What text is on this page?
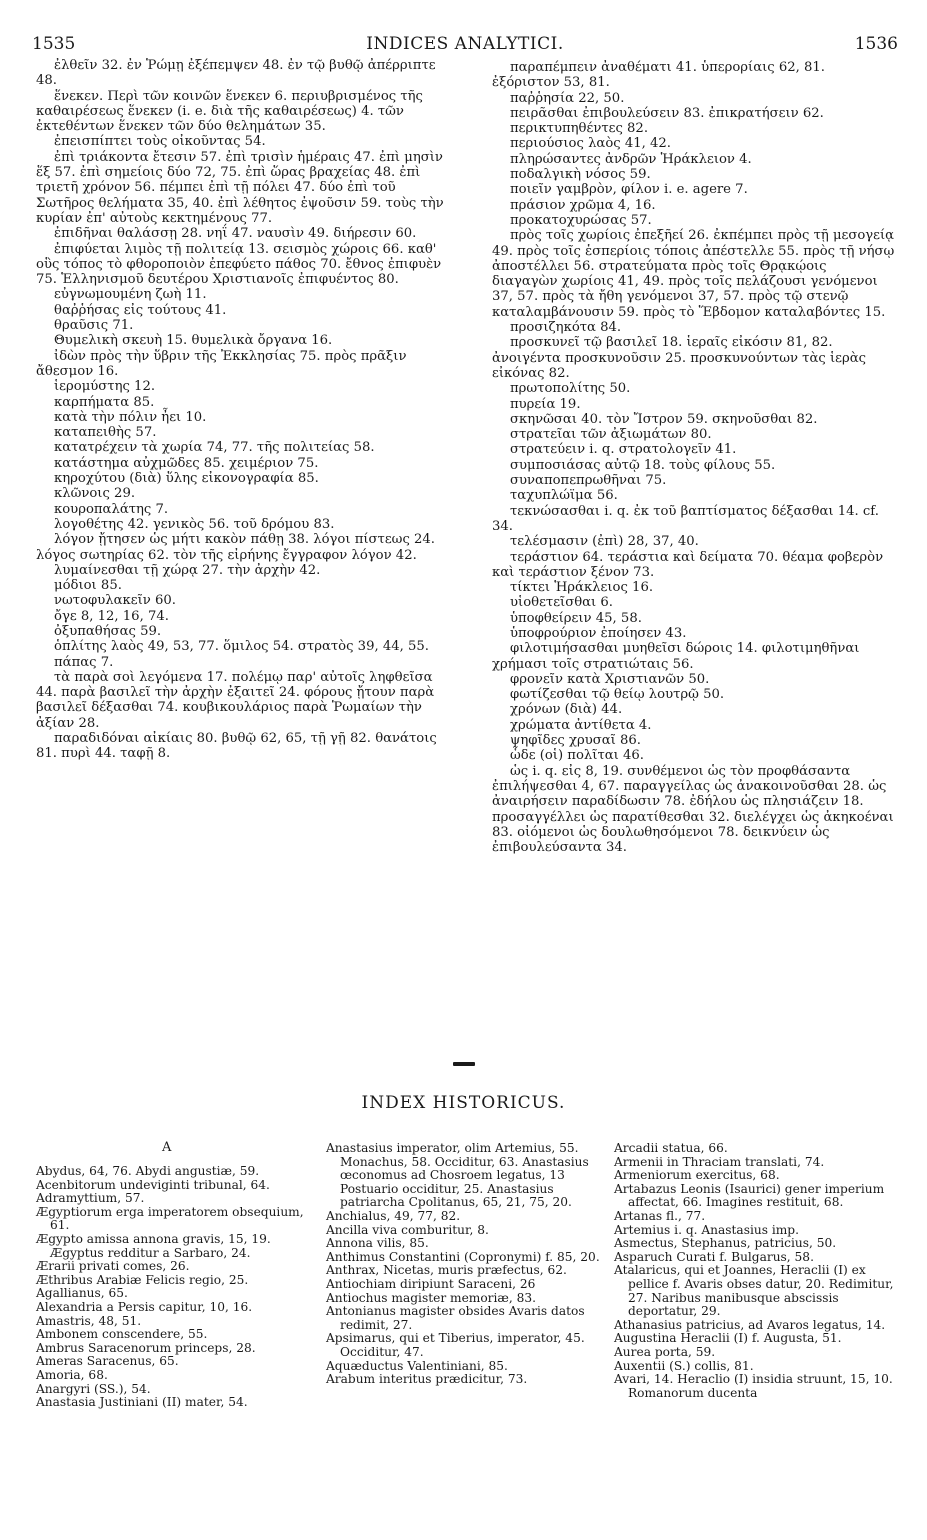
1535	INDICES ANALYTICI.	1536

ἐλθεῖν 32. ἐν Ῥώμῃ ἐξέπεμψεν 48. ἐν τῷ βυθῷ ἀπέρριπτε 48.

ἕνεκεν. Περὶ τῶν κοινῶν ἕνεκεν 6. περιυβρισμένος τῆς καθαιρέσεως ἕνεκεν (i. e. διὰ τῆς καθαιρέσεως) 4. τῶν ἐκτεθέντων ἕνεκεν τῶν δύο θελημάτων 35.

ἐπεισπίπτει τοὺς οἰκοῦντας 54.

ἐπὶ τριάκοντα ἔτεσιν 57. ἐπὶ τρισὶν ἡμέραις 47. ἐπὶ μησὶν ἕξ 57. ἐπὶ σημείοις δύο 72, 75. ἐπὶ ὥρας βραχείας 48. ἐπὶ τριετῆ χρόνον 56. πέμπει ἐπὶ τῇ πόλει 47. δύο ἐπὶ τοῦ Σωτῆρος θελήματα 35, 40. ἐπὶ λέθητος ἐψοῦσιν 59. τοὺς τὴν κυρίαν ἐπ' αὐτοὺς κεκτημένους 77.

ἐπιδῆναι θαλάσσῃ 28. νηΐ 47. ναυσὶν 49. διήρεσιν 60.

ἐπιφύεται λιμὸς τῇ πολιτείᾳ 13. σεισμὸς χώροις 66. καθ' οὓς τόπος τὸ φθοροποιὸν ἐπεφύετο πάθος 70. ἔθνος ἐπιφυὲν 75. Ἑλληνισμοῦ δευτέρου Χριστιανοῖς ἐπιφυέντος 80.

εὐγνωμουμένη ζωὴ 11.

θαῤῥήσας εἰς τούτους 41.

θραῦσις 71.

Θυμελικὴ σκευὴ 15. θυμελικὰ ὄργανα 16.

ἰδὼν πρὸς τὴν ὕβριν τῆς Ἐκκλησίας 75. πρὸς πρᾶξιν ἄθεσμον 16.

ἱερομύστης 12.

καρπήματα 85.

κατὰ τὴν πόλιν ἦει 10.

καταπειθὴς 57.

κατατρέχειν τὰ χωρία 74, 77. τῆς πολιτείας 58.

κατάστημα αὐχμῶδες 85. χειμέριον 75.

κηροχύτου (διὰ) ὕλης εἰκονογραφία 85.

κλῶνοις 29.

κουροπαλάτης 7.

λογοθέτης 42. γενικὸς 56. τοῦ δρόμου 83.

λόγον ᾔτησεν ὡς μήτι κακὸν πάθῃ 38. λόγοι πίστεως 24. λόγος σωτηρίας 62. τὸν τῆς εἰρήνης ἔγγραφον λόγον 42.

λυμαίνεσθαι τῇ χώρᾳ 27. τὴν ἀρχὴν 42.

μόδιοι 85.

νωτοφυλακεῖν 60.

ὄγε 8, 12, 16, 74.

ὀξυπαθήσας 59.

ὁπλίτης λαὸς 49, 53, 77. ὅμιλος 54. στρατὸς 39, 44, 55.

πάπας 7.

τὰ παρὰ σοὶ λεγόμενα 17. πολέμῳ παρ' αὐτοῖς ληφθεῖσα 44. παρὰ βασιλεῖ τὴν ἀρχὴν ἐξαιτεῖ 24. φόρους ᾔτουν παρὰ βασιλεῖ δέξασθαι 74. κουβικουλάριος παρὰ Ῥωμαίων τὴν ἀξίαν 28.

παραδιδόναι αἰκίαις 80. βυθῷ 62, 65, τῇ γῇ 82. θανάτοις 81. πυρὶ 44. ταφῇ 8.

παραπέμπειν ἀναθέματι 41. ὑπερορίαις 62, 81. ἐξόριστον 53, 81.

παῤῥησία 22, 50.

πειρᾶσθαι ἐπιβουλεύσειν 83. ἐπικρατήσειν 62.

περικτυπηθέντες 82.

περιούσιος λαὸς 41, 42.

πληρώσαντες ἀνδρῶν Ἡράκλειον 4.

ποδαλγικὴ νόσος 59.

ποιεῖν γαμβρὸν, φίλον i. e. agere 7.

πράσιον χρῶμα 4, 16.

προκατοχυρώσας 57.

πρὸς τοῖς χωρίοις ἐπεξῆεί 26. ἐκπέμπει πρὸς τῇ μεσογείᾳ 49. πρὸς τοῖς ἑσπερίοις τόποις ἀπέστελλε 55. πρὸς τῇ νήσῳ ἀποστέλλει 56. στρατεύματα πρὸς τοῖς Θρᾳκῴοις διαγαγὼν χωρίοις 41, 49. πρὸς τοῖς πελάζουσι γενόμενοι 37, 57. πρὸς τὰ ἤθη γενόμενοι 37, 57. πρὸς τῷ στενῷ καταλαμβάνουσιν 59. πρὸς τὸ Ἕβδομον καταλαβόντες 15.

προσιζηκότα 84.

προσκυνεῖ τῷ βασιλεῖ 18. ἱεραῖς εἰκόσιν 81, 82. ἀνοιγέντα προσκυνοῦσιν 25. προσκυνούντων τὰς ἱερὰς εἰκόνας 82.

πρωτοπολίτης 50.

πυρεία 19.

σκηνῶσαι 40. τὸν Ἴστρον 59. σκηνοῦσθαι 82.

στρατεῖαι τῶν ἀξιωμάτων 80.

στρατεύειν i. q. στρατολογεῖν 41.

συμποσιάσας αὐτῷ 18. τοὺς φίλους 55.

συναποπεπρωθῆναι 75.

ταχυπλώϊμα 56.

τεκνώσασθαι i. q. ἐκ τοῦ βαπτίσματος δέξασθαι 14. cf. 34.

τελέσμασιν (ἐπὶ) 28, 37, 40.

τεράστιον 64. τεράστια καὶ δείματα 70. θέαμα φοβερὸν καὶ τεράστιον ξένον 73.

τίκτει Ἡράκλειος 16.

υἱοθετεῖσθαι 6.

ὑποφθείρειν 45, 58.

ὑποφρούριον ἐποίησεν 43.

φιλοτιμήσασθαι μυηθεῖσι δώροις 14. φιλοτιμηθῆναι χρήμασι τοῖς στρατιώταις 56.

φρονεῖν κατὰ Χριστιανῶν 50.

φωτίζεσθαι τῷ θείῳ λουτρῷ 50.

χρόνων (διὰ) 44.

χρώματα ἀντίθετα 4.

ψηφῖδες χρυσαῖ 86.

ὧδε (οἱ) πολῖται 46.

ὡς i. q. εἰς 8, 19. συνθέμενοι ὡς τὸν προφθάσαντα ἐπιλήψεσθαι 4, 67. παραγγείλας ὡς ἀνακοινοῦσθαι 28. ὡς ἀναιρήσειν παραδίδωσιν 78. ἐδήλου ὡς πλησιάζειν 18. προσαγγέλλει ὡς παρατίθεσθαι 32. διελέγχει ὡς ἀκηκοέναι 83. οἰόμενοι ὡς δουλωθησόμενοι 78. δεικνύειν ὡς ἐπιβουλεύσαντα 34.

INDEX HISTORICUS.
A

Abydus, 64, 76. Abydi angustiæ, 59.

Acenbitorum undeviginti tribunal, 64.

Adramyttium, 57.

Ægyptiorum erga imperatorem obsequium, 61.

Ægypto amissa annona gravis, 15, 19. Ægyptus redditur a Sarbaro, 24.

Ærarii privati comes, 26.

Æthribus Arabiæ Felicis regio, 25.

Agallianus, 65.

Alexandria a Persis capitur, 10, 16.

Amastris, 48, 51.

Ambonem conscendere, 55.

Ambrus Saracenorum princeps, 28.

Ameras Saracenus, 65.

Amoria, 68.

Anargyri (SS.), 54.

Anastasia Justiniani (II) mater, 54.

Anastasius imperator, olim Artemius, 55. Monachus, 58. Occiditur, 63. Anastasius œconomus ad Chosroem legatus, 13 Postuario occiditur, 25. Anastasius patriarcha Cpolitanus, 65, 21, 75, 20.

Anchialus, 49, 77, 82.

Ancilla viva comburitur, 8.

Annona vilis, 85.

Anthimus Constantini (Copronymi) f. 85, 20.

Anthrax, Nicetas, muris præfectus, 62.

Antiochiam diripiunt Saraceni, 26

Antiochus magister memoriæ, 83.

Antonianus magister obsides Avaris datos redimit, 27.

Apsimarus, qui et Tiberius, imperator, 45. Occiditur, 47.

Aquæductus Valentiniani, 85.

Arabum interitus prædicitur, 73.

Arcadii statua, 66.

Armenii in Thraciam translati, 74.

Armeniorum exercitus, 68.

Artabazus Leonis (Isaurici) gener imperium affectat, 66. Imagines restituit, 68.

Artanas fl., 77.

Artemius i. q. Anastasius imp.

Asmectus, Stephanus, patricius, 50.

Asparuch Curati f. Bulgarus, 58.

Atalaricus, qui et Joannes, Heraclii (I) ex pellice f. Avaris obses datur, 20. Redimitur, 27. Naribus manibusque abscissis deportatur, 29.

Athanasius patricius, ad Avaros legatus, 14.

Augustina Heraclii (I) f. Augusta, 51.

Aurea porta, 59.

Auxentii (S.) collis, 81.

Avari, 14. Heraclio (I) insidia struunt, 15, 10. Romanorum ducenta
